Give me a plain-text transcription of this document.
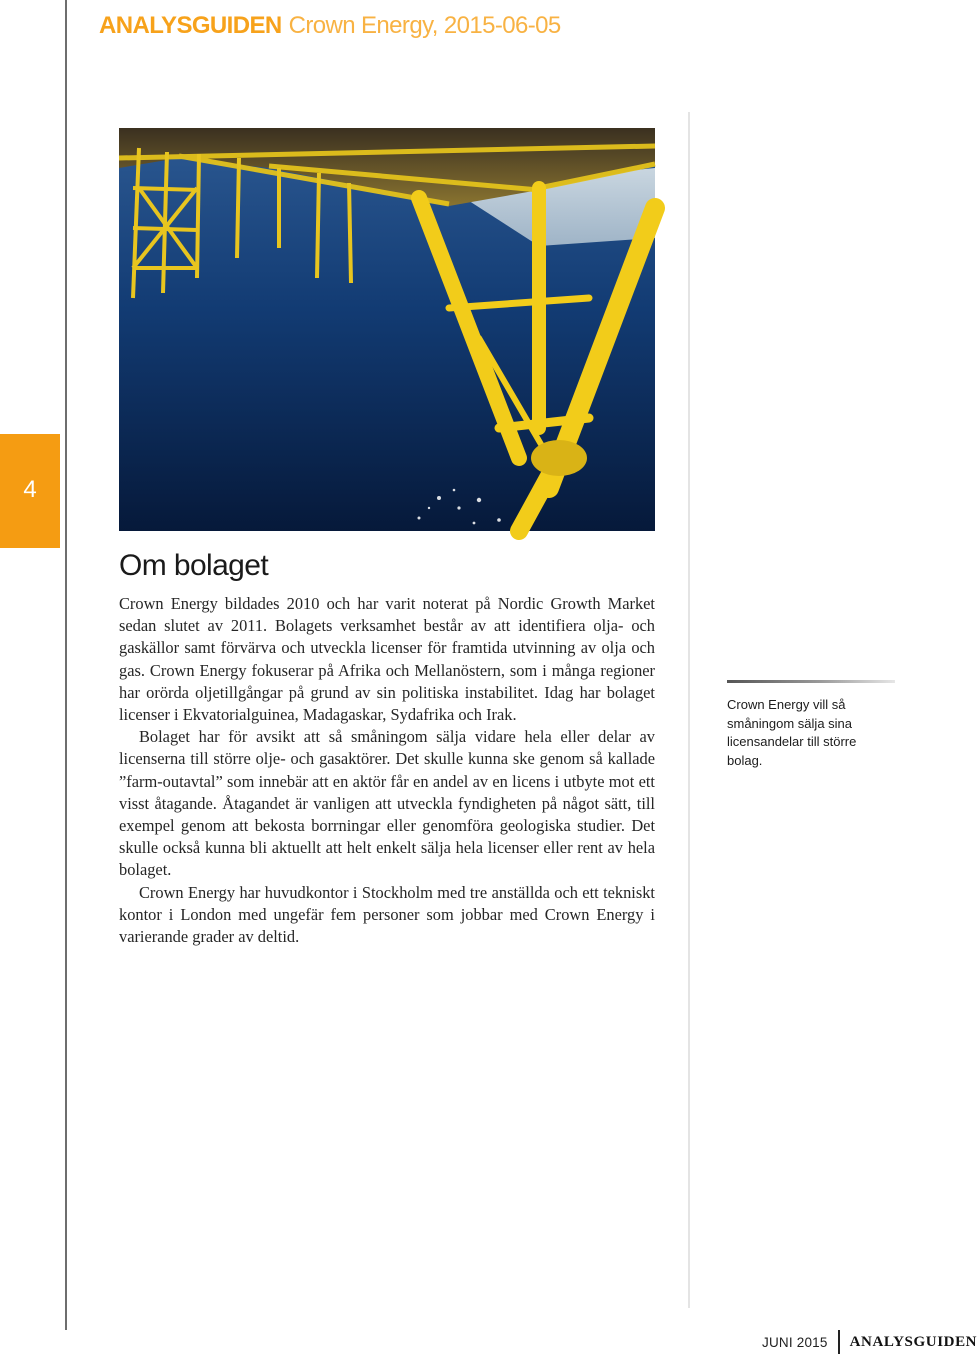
ANALYSGUIDEN Crown Energy, 2015-06-05
4
Om bolaget

Crown Energy bildades 2010 och har varit noterat på Nordic Growth Market sedan slutet av 2011. Bolagets verksamhet består av att identifiera olja- och gaskällor samt förvärva och utveckla licenser för framtida utvinning av olja och gas. Crown Energy fokuserar på Afrika och Mellanöstern, som i många regioner har orörda oljetillgångar på grund av sin politiska instabilitet. Idag har bolaget licenser i Ekvatorialguinea, Madagaskar, Sydafrika och Irak.

Bolaget har för avsikt att så småningom sälja vidare hela eller delar av licenserna till större olje- och gasaktörer. Det skulle kunna ske genom så kallade ”farm-outavtal” som innebär att en aktör får en andel av en licens i utbyte mot ett visst åtagande. Åtagandet är vanligen att utveckla fyndigheten på något sätt, till exempel genom att bekosta borrningar eller genomföra geologiska studier. Det skulle också kunna bli aktuellt att helt enkelt sälja hela licenser eller rent av hela bolaget.

Crown Energy har huvudkontor i Stockholm med tre anställda och ett tekniskt kontor i London med ungefär fem personer som jobbar med Crown Energy i varierande grader av deltid.

Crown Energy vill så småningom sälja sina licensandelar till större bolag.
JUNI 2015 ANALYSGUIDEN
